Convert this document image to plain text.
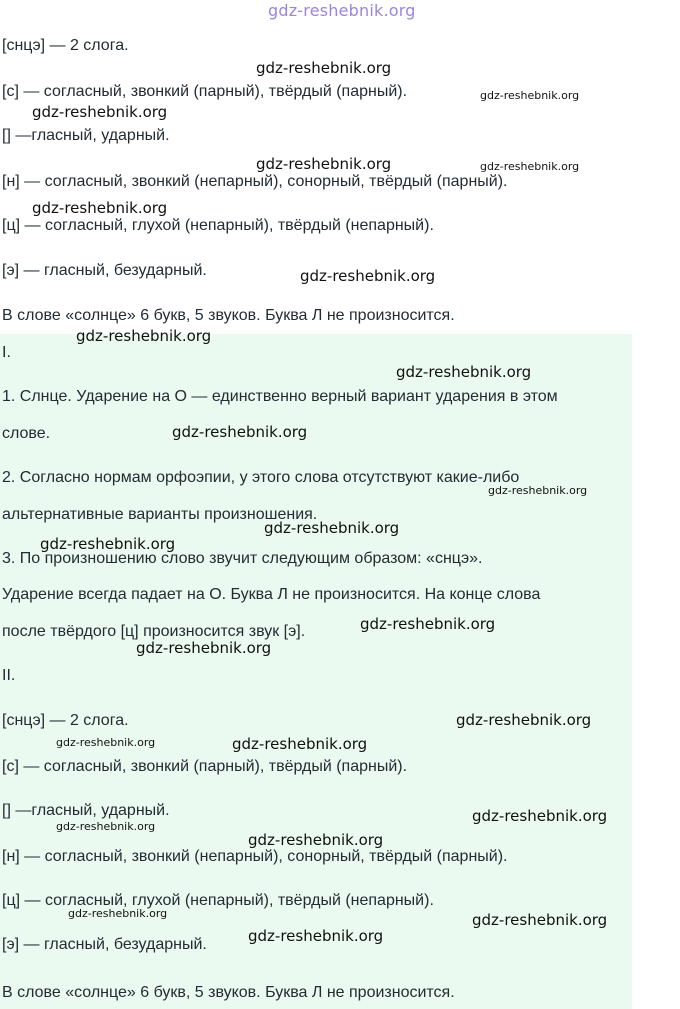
[снцэ] — 2 слога.
[с] — согласный, звонкий (парный), твёрдый (парный).
[] —гласный, ударный.
[н] — согласный, звонкий (непарный), сонорный, твёрдый (парный).
[ц] — согласный, глухой (непарный), твёрдый (непарный).
[э] — гласный, безударный.
В слове «солнце» 6 букв, 5 звуков. Буква Л не произносится.
I.
1. Слнце. Ударение на О — единственно верный вариант ударения в этом
слове.
2. Согласно нормам орфоэпии, у этого слова отсутствуют какие-либо
альтернативные варианты произношения.
3. По произношению слово звучит следующим образом: «снцэ».
Ударение всегда падает на О. Буква Л не произносится. На конце слова
после твёрдого [ц] произносится звук [э].
II.
[снцэ] — 2 слога.
[с] — согласный, звонкий (парный), твёрдый (парный).
[] —гласный, ударный.
[н] — согласный, звонкий (непарный), сонорный, твёрдый (парный).
[ц] — согласный, глухой (непарный), твёрдый (непарный).
[э] — гласный, безударный.
В слове «солнце» 6 букв, 5 звуков. Буква Л не произносится.
gdz-reshebnik.org
gdz-reshebnik.org
gdz-reshebnik.org
gdz-reshebnik.org
gdz-reshebnik.org	gdz-reshebnik.org
gdz-reshebnik.org
gdz-reshebnik.org
gdz-reshebnik.org
gdz-reshebnik.org
gdz-reshebnik.org
gdz-reshebnik.org
gdz-reshebnik.org
gdz-reshebnik.org
gdz-reshebnik.org
gdz-reshebnik.org
gdz-reshebnik.org
gdz-reshebnik.org	gdz-reshebnik.org
gdz-reshebnik.org
gdz-reshebnik.org
gdz-reshebnik.org
gdz-reshebnik.org	gdz-reshebnik.org
gdz-reshebnik.org
